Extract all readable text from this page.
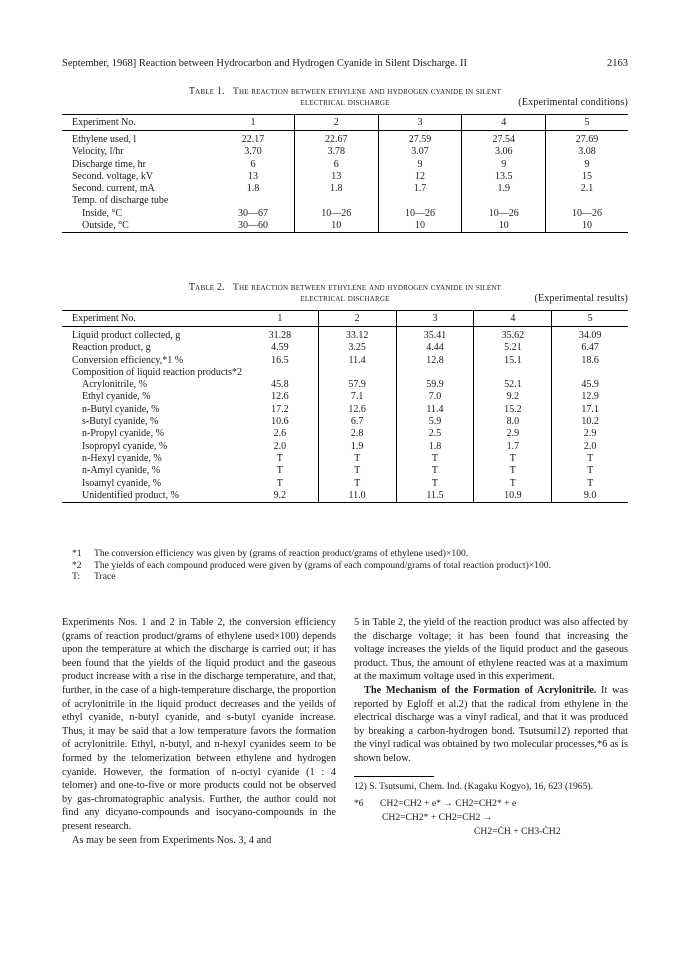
September, 1968] Reaction between Hydrocarbon and Hydrogen Cyanide in Silent Discharge. II	2163
Table 1. The reaction between ethylene and hydrogen cyanide in silent
electrical discharge	(Experimental conditions)
Experiment No.	1	2	3	4	5
Ethylene used, l	22.17	22.67	27.59	27.54	27.69
Velocity, l/hr	3.70	3.78	3.07	3.06	3.08
Discharge time, hr	6	6	9	9	9
Second. voltage, kV	13	13	12	13.5	15
Second. current, mA	1.8	1.8	1.7	1.9	2.1
Temp. of discharge tube					
Inside, °C	30—67	10—26	10—26	10—26	10—26
Outside, °C	30—60	10	10	10	10
Table 2. The reaction between ethylene and hydrogen cyanide in silent
electrical discharge	(Experimental results)
Experiment No.	1	2	3	4	5
Liquid product collected, g	31.28	33.12	35.41	35.62	34.09
Reaction product, g	4.59	3.25	4.44	5.21	6.47
Conversion efficiency,*1 %	16.5	11.4	12.8	15.1	18.6
Composition of liquid reaction products*2					
Acrylonitrile, %	45.8	57.9	59.9	52.1	45.9
Ethyl cyanide, %	12.6	7.1	7.0	9.2	12.9
n-Butyl cyanide, %	17.2	12.6	11.4	15.2	17.1
s-Butyl cyanide, %	10.6	6.7	5.9	8.0	10.2
n-Propyl cyanide, %	2.6	2.8	2.5	2.9	2.9
Isopropyl cyanide, %	2.0	1.9	1.8	1.7	2.0
n-Hexyl cyanide, %	T	T	T	T	T
n-Amyl cyanide, %	T	T	T	T	T
Isoamyl cyanide, %	T	T	T	T	T
Unidentified product, %	9.2	11.0	11.5	10.9	9.0
*1	The conversion efficiency was given by (grams of reaction product/grams of ethylene used)×100.
*2	The yields of each compound produced were given by (grams of each compound/grams of total reaction product)×100.
T:	Trace

Experiments Nos. 1 and 2 in Table 2, the conversion efficiency (grams of reaction product/grams of ethylene used×100) depends upon the temperature at which the discharge is carried out; it has been found that the yields of the liquid product and the gaseous product increase with a rise in the discharge temperature, and that, further, in the case of a high-temperature discharge, the proportion of acrylonitrile in the liquid product decreases and the yeilds of ethyl cyanide, n-butyl cyanide, and s-butyl cyanide increase. Thus, it may be said that a low temperature favors the formation of acrylonitrile. Ethyl, n-butyl, and n-hexyl cyanides seem to be formed by the telomerization between ethylene and hydrogen cyanide. However, the formation of n-octyl cyanide (1 : 4 telomer) and one-to-five or more products could not be observed by gas-chromatographic analysis. Further, the author could not find any dicyano-compounds and isocyano-compounds in the present research.

As may be seen from Experiments Nos. 3, 4 and

5 in Table 2, the yield of the reaction product was also affected by the discharge voltage; it has been found that increasing the voltage increases the yields of the liquid product and the gaseous product. Thus, the amount of ethylene reacted was at a maximum at the maximum voltage used in this experiment.

The Mechanism of the Formation of Acrylonitrile. It was reported by Egloff et al.2) that the radical from ethylene in the electrical discharge was a vinyl radical, and that it was produced by breaking a carbon-hydrogen bond. Tsutsumi12) reported that the vinyl radical was obtained by two molecular processes,*6 as is shown below.

12) S. Tsutsumi, Chem. Ind. (Kagaku Kogyo), 16, 623 (1965).
*6 CH2=CH2 + e* → CH2=CH2* + e
CH2=CH2* + CH2=CH2 →
CH2=ĊH + CH3-ĊH2
